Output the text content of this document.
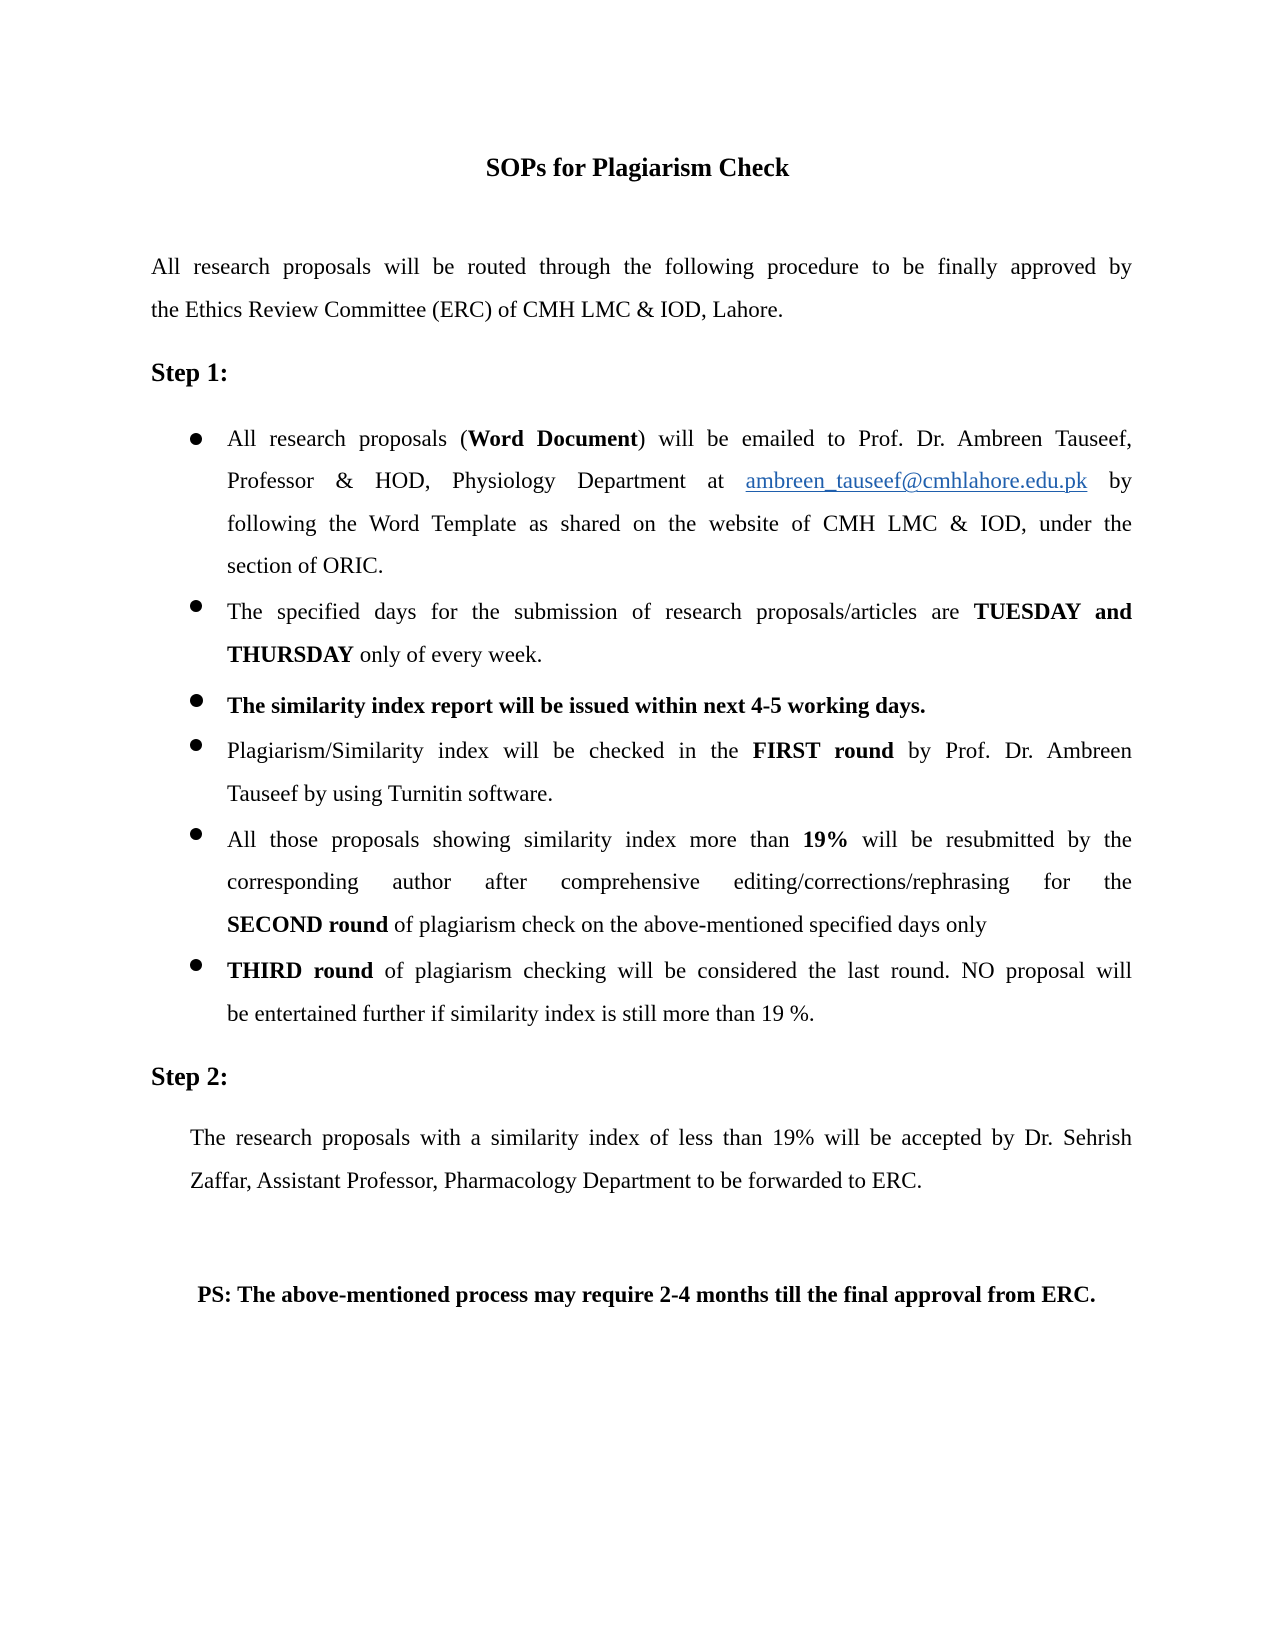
SOPs for Plagiarism Check
All research proposals will be routed through the following procedure to be finally approved by
the Ethics Review Committee (ERC) of CMH LMC & IOD, Lahore.
Step 1:
All research proposals (Word Document) will be emailed to Prof. Dr. Ambreen Tauseef,
Professor & HOD, Physiology Department at ambreen_tauseef@cmhlahore.edu.pk by
following the Word Template as shared on the website of CMH LMC & IOD, under the
section of ORIC.
The specified days for the submission of research proposals/articles are TUESDAY and
THURSDAY only of every week.
The similarity index report will be issued within next 4-5 working days.
Plagiarism/Similarity index will be checked in the FIRST round by Prof. Dr. Ambreen
Tauseef by using Turnitin software.
All those proposals showing similarity index more than 19% will be resubmitted by the
corresponding author after comprehensive editing/corrections/rephrasing for the
SECOND round of plagiarism check on the above-mentioned specified days only
THIRD round of plagiarism checking will be considered the last round. NO proposal will
be entertained further if similarity index is still more than 19 %.
Step 2:
The research proposals with a similarity index of less than 19% will be accepted by Dr. Sehrish
Zaffar, Assistant Professor, Pharmacology Department to be forwarded to ERC.
PS: The above-mentioned process may require 2-4 months till the final approval from ERC.
